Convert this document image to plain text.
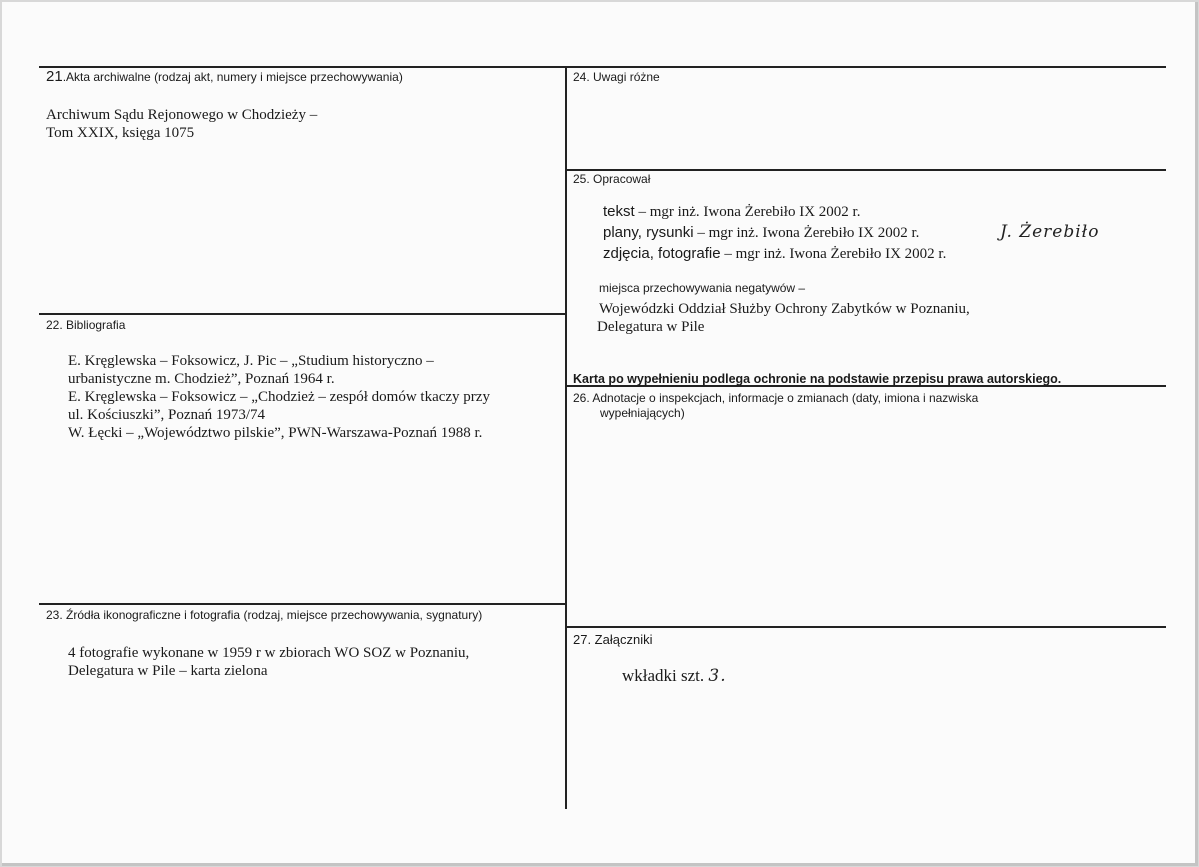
21.Akta archiwalne (rodzaj akt, numery i miejsce przechowywania)

Archiwum Sądu Rejonowego w Chodzieży –

Tom XXIX, księga 1075

22. Bibliografia

E. Kręglewska – Foksowicz, J. Pic – „Studium historyczno –

urbanistyczne m. Chodzież”, Poznań 1964 r.

E. Kręglewska – Foksowicz – „Chodzież – zespół domów tkaczy przy

ul. Kościuszki”, Poznań 1973/74

W. Łęcki – „Województwo pilskie”, PWN-Warszawa-Poznań 1988 r.

23. Źródła ikonograficzne i fotografia (rodzaj, miejsce przechowywania, sygnatury)

4 fotografie wykonane w 1959 r w zbiorach WO SOZ w Poznaniu,

Delegatura w Pile – karta zielona

24. Uwagi różne
25. Opracował
tekst – mgr inż. Iwona Żerebiło IX 2002 r.
plany, rysunki – mgr inż. Iwona Żerebiło IX 2002 r.	J. Żerebiło
zdjęcia, fotografie – mgr inż. Iwona Żerebiło IX 2002 r.
miejsca przechowywania negatywów –

Wojewódzki Oddział Służby Ochrony Zabytków w Poznaniu,

Delegatura w Pile

Karta po wypełnieniu podlega ochronie na podstawie przepisu prawa autorskiego.
26. Adnotacje o inspekcjach, informacje o zmianach (daty, imiona i nazwiska
wypełniających)
27. Załączniki
wkładki szt. 3.
